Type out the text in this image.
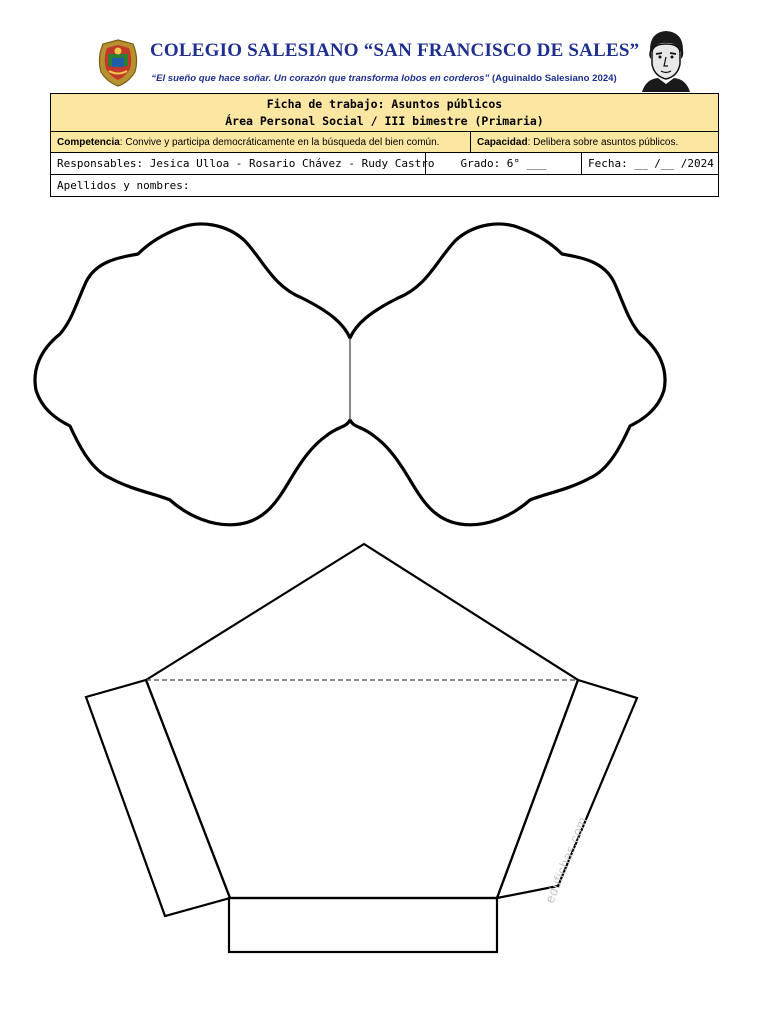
COLEGIO SALESIANO “SAN FRANCISCO DE SALES”
“El sueño que hace soñar. Un corazón que transforma lobos en corderos” (Aguinaldo Salesiano 2024)
Ficha de trabajo: Asuntos públicos
Área Personal Social / III bimestre (Primaria)			

Competencia: Convive y participa democráticamente en la búsqueda del bien común.		Capacidad: Delibera sobre asuntos públicos.	
Responsables: Jesica Ulloa - Rosario Chávez - Rudy Castro	Grado: 6° ___		Fecha: __ /__ /2024
Apellidos y nombres:			
edufichas.com
